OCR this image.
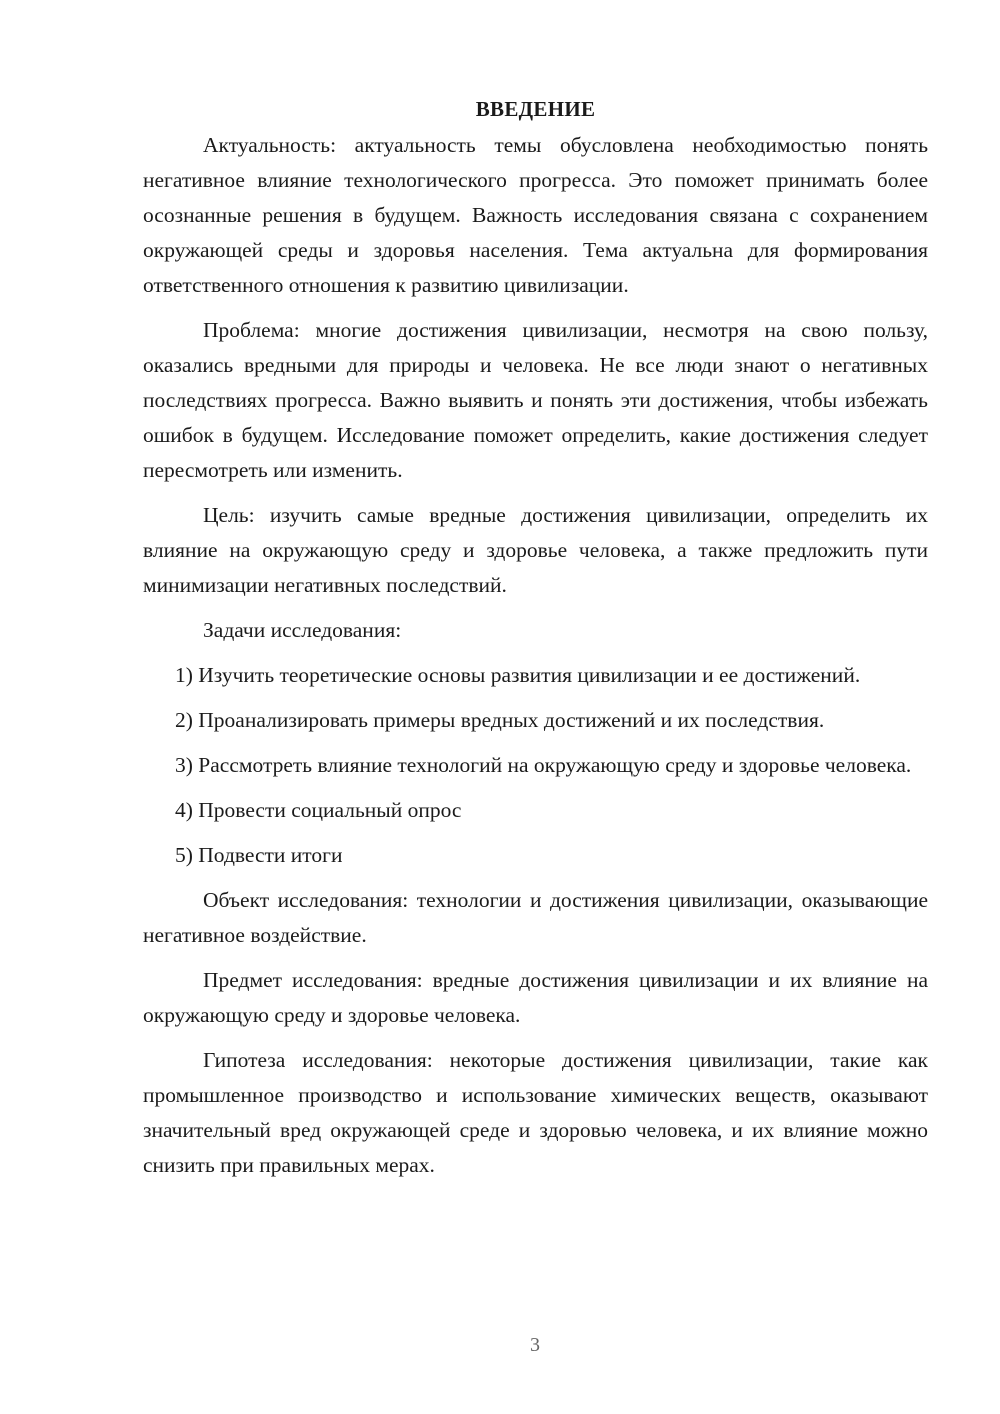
ВВЕДЕНИЕ

Актуальность: актуальность темы обусловлена необходимостью понять негативное влияние технологического прогресса. Это поможет принимать более осознанные решения в будущем. Важность исследования связана с сохранением окружающей среды и здоровья населения. Тема актуальна для формирования ответственного отношения к развитию цивилизации.

Проблема: многие достижения цивилизации, несмотря на свою пользу, оказались вредными для природы и человека. Не все люди знают о негативных последствиях прогресса. Важно выявить и понять эти достижения, чтобы избежать ошибок в будущем. Исследование поможет определить, какие достижения следует пересмотреть или изменить.

Цель: изучить самые вредные достижения цивилизации, определить их влияние на окружающую среду и здоровье человека, а также предложить пути минимизации негативных последствий.

Задачи исследования:

1) Изучить теоретические основы развития цивилизации и ее достижений.

2) Проанализировать примеры вредных достижений и их последствия.

3) Рассмотреть влияние технологий на окружающую среду и здоровье человека.

4) Провести социальный опрос

5) Подвести итоги

Объект исследования: технологии и достижения цивилизации, оказывающие негативное воздействие.

Предмет исследования: вредные достижения цивилизации и их влияние на окружающую среду и здоровье человека.

Гипотеза исследования: некоторые достижения цивилизации, такие как промышленное производство и использование химических веществ, оказывают значительный вред окружающей среде и здоровью человека, и их влияние можно снизить при правильных мерах.

3
